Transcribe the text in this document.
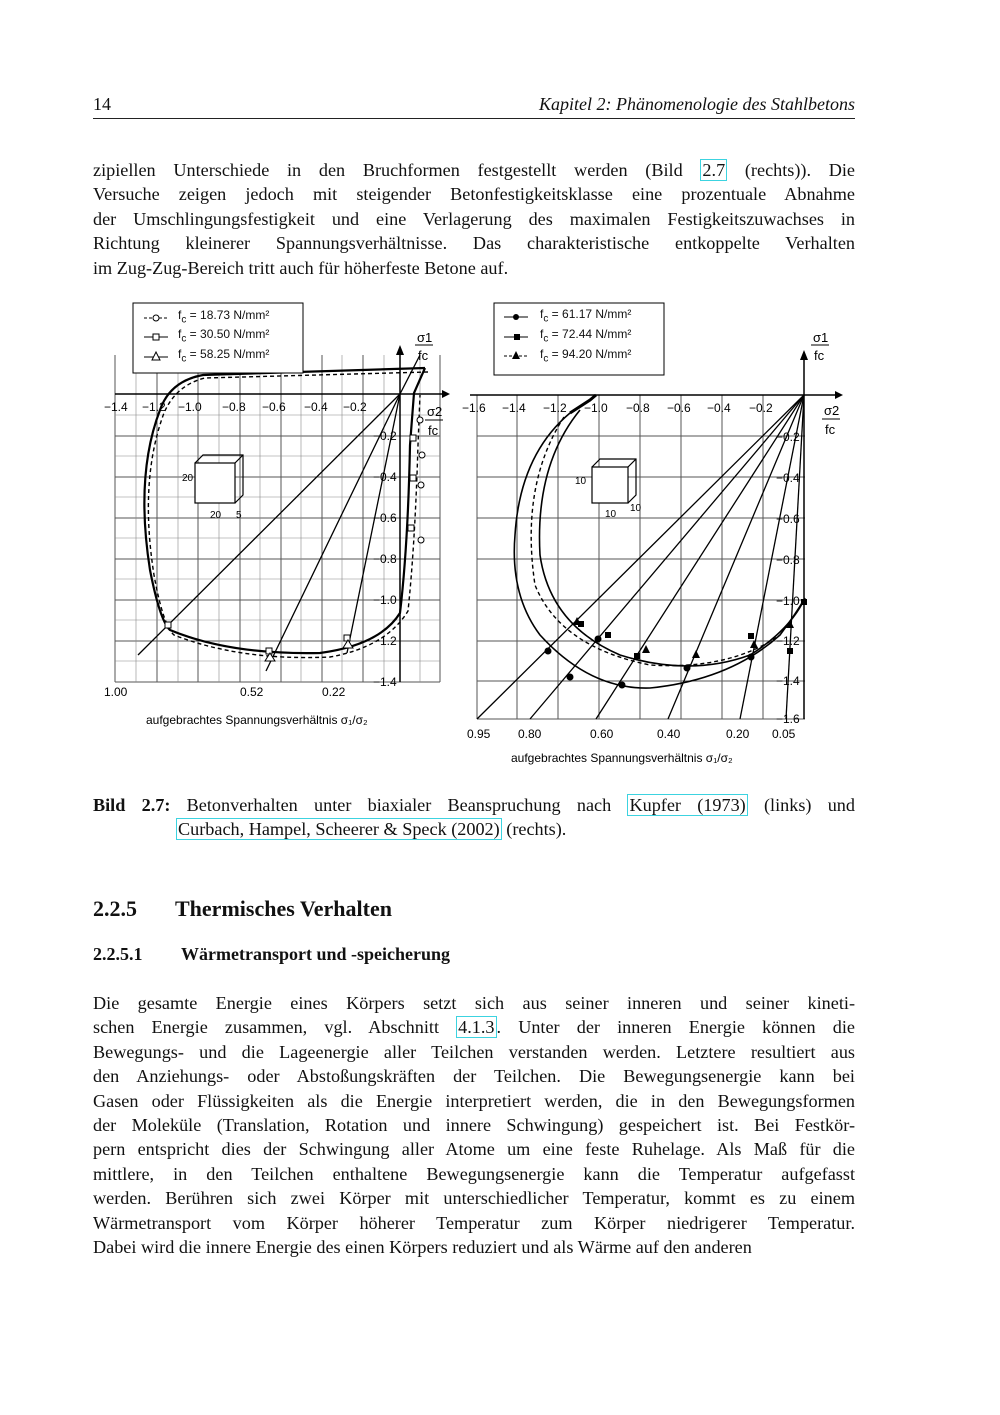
14	Kapitel 2: Phänomenologie des Stahlbetons
zipiellen Unterschiede in den Bruchformen festgestellt werden (Bild 2.7 (rechts)). Die
Versuche zeigen jedoch mit steigender Betonfestigkeitsklasse eine prozentuale Abnahme
der Umschlingungsfestigkeit und eine Verlagerung des maximalen Festigkeitszuwachses in
Richtung kleinerer Spannungsverhältnisse. Das charakteristische entkoppelte Verhalten
im Zug-Zug-Bereich tritt auch für höherfeste Betone auf.
20
20 5
−1.4 −1.2 −1.0 −0.8 −0.6 −0.4 −0.2
−0.2
−0.4
−0.6
−0.8
−1.0
−1.2
−1.4
1.00	0.52	0.22
aufgebrachtes Spannungsverhältnis σ₁/σ₂
σ1
fc
σ2
fc
$f_c = 18.73$ N/mm²
$f_c = 30.50$ N/mm²
$f_c = 58.25$ N/mm²
10
10
10
−1.6 −1.4 −1.2 −1.0 −0.8 −0.6 −0.4 −0.2
−0.2
−0.4
−0.6
−0.8
−1.0
−1.2
−1.4
−1.6
0.95 0.80	0.60	0.40	0.20 0.05
aufgebrachtes Spannungsverhältnis σ₁/σ₂
σ1
fc
σ2
fc
$f_c = 61.17$ N/mm²
$f_c = 72.44$ N/mm²
$f_c = 94.20$ N/mm²
Bild 2.7: Betonverhalten unter biaxialer Beanspruchung nach Kupfer (1973) (links) und
Curbach, Hampel, Scheerer & Speck (2002) (rechts).
2.2.5 Thermisches Verhalten
2.2.5.1 Wärmetransport und -speicherung
Die gesamte Energie eines Körpers setzt sich aus seiner inneren und seiner kineti-
schen Energie zusammen, vgl. Abschnitt 4.1.3 . Unter der inneren Energie können die
Bewegungs- und die Lageenergie aller Teilchen verstanden werden. Letztere resultiert aus
den Anziehungs- oder Abstoßungskräften der Teilchen. Die Bewegungsenergie kann bei
Gasen oder Flüssigkeiten als die Energie interpretiert werden, die in den Bewegungsformen
der Moleküle (Translation, Rotation und innere Schwingung) gespeichert ist. Bei Festkör-
pern entspricht dies der Schwingung aller Atome um eine feste Ruhelage. Als Maß für die
mittlere, in den Teilchen enthaltene Bewegungsenergie kann die Temperatur aufgefasst
werden. Berühren sich zwei Körper mit unterschiedlicher Temperatur, kommt es zu einem
Wärmetransport vom Körper höherer Temperatur zum Körper niedrigerer Temperatur.
Dabei wird die innere Energie des einen Körpers reduziert und als Wärme auf den anderen
